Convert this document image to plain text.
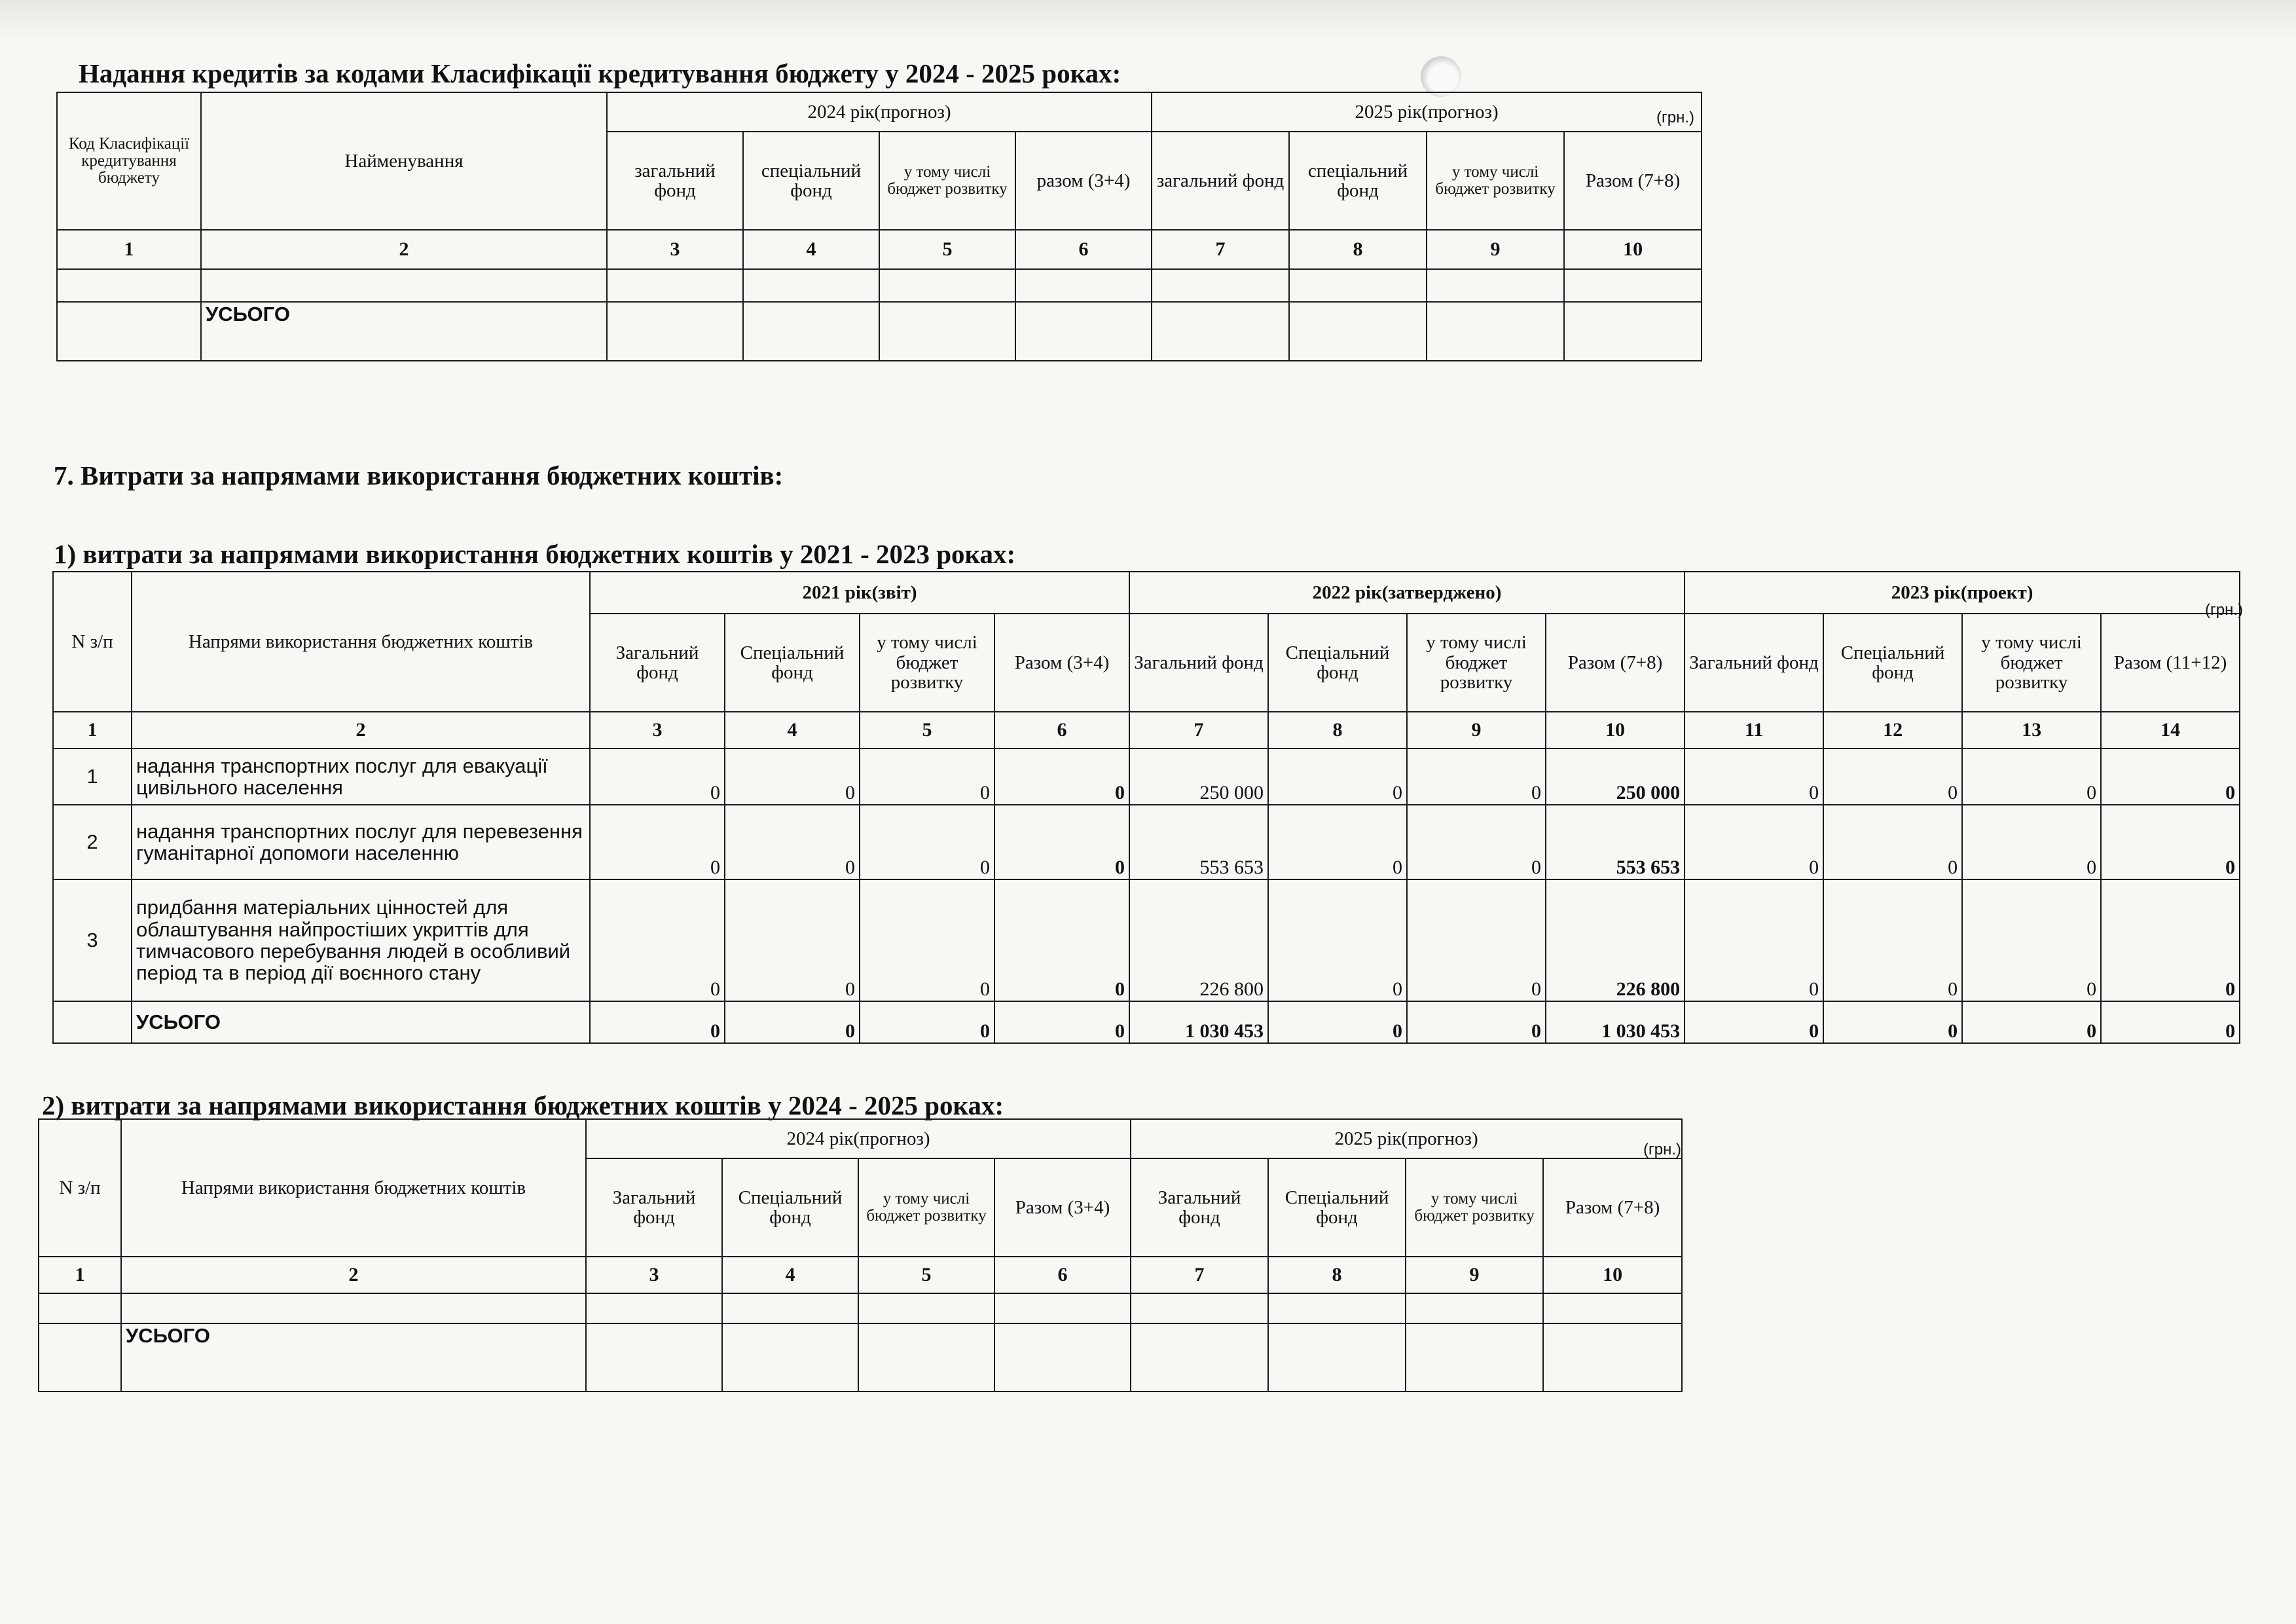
Надання кредитів за кодами Класифікації кредитування бюджету у 2024 - 2025 роках:
(грн.)
Код Класифікації кредитування бюджету	Найменування	2024 рік(прогноз)				2025 рік(прогноз)			
		загальний фонд	спеціальний фонд	у тому числі бюджет розвитку	разом (3+4)	загальний фонд	спеціальний фонд	у тому числі бюджет розвитку	Разом (7+8)
1	2	3	4	5	6	7	8	9	10

	УСЬОГО								
7. Витрати за напрямами використання бюджетних коштів:
1) витрати за напрямами використання бюджетних коштів у 2021 - 2023 роках:
(грн.)
N з/п	Напрями використання бюджетних коштів	2021 рік(звіт)				2022 рік(затверджено)				2023 рік(проект)			
		Загальний фонд	Спеціальний фонд	у тому числі бюджет розвитку	Разом (3+4)	Загальний фонд	Спеціальний фонд	у тому числі бюджет розвитку	Разом (7+8)	Загальний фонд	Спеціальний фонд	у тому числі бюджет розвитку	Разом (11+12)
1	2	3	4	5	6	7	8	9	10	11	12	13	14
1	надання транспортних послуг для евакуації цивільного населення	0	0	0	0	250 000	0	0	250 000	0	0	0	0
2	надання транспортних послуг для перевезення гуманітарної допомоги населенню	0	0	0	0	553 653	0	0	553 653	0	0	0	0
3	придбання матеріальних цінностей для облаштування найпростіших укриттів для тимчасового перебування людей в особливий період та в період дії воєнного стану	0	0	0	0	226 800	0	0	226 800	0	0	0	0
	УСЬОГО	0	0	0	0	1 030 453	0	0	1 030 453	0	0	0	0
2) витрати за напрямами використання бюджетних коштів у 2024 - 2025 роках:
(грн.)
N з/п	Напрями використання бюджетних коштів	2024 рік(прогноз)				2025 рік(прогноз)			
		Загальний фонд	Спеціальний фонд	у тому числі бюджет розвитку	Разом (3+4)	Загальний фонд	Спеціальний фонд	у тому числі бюджет розвитку	Разом (7+8)
1	2	3	4	5	6	7	8	9	10

	УСЬОГО								
